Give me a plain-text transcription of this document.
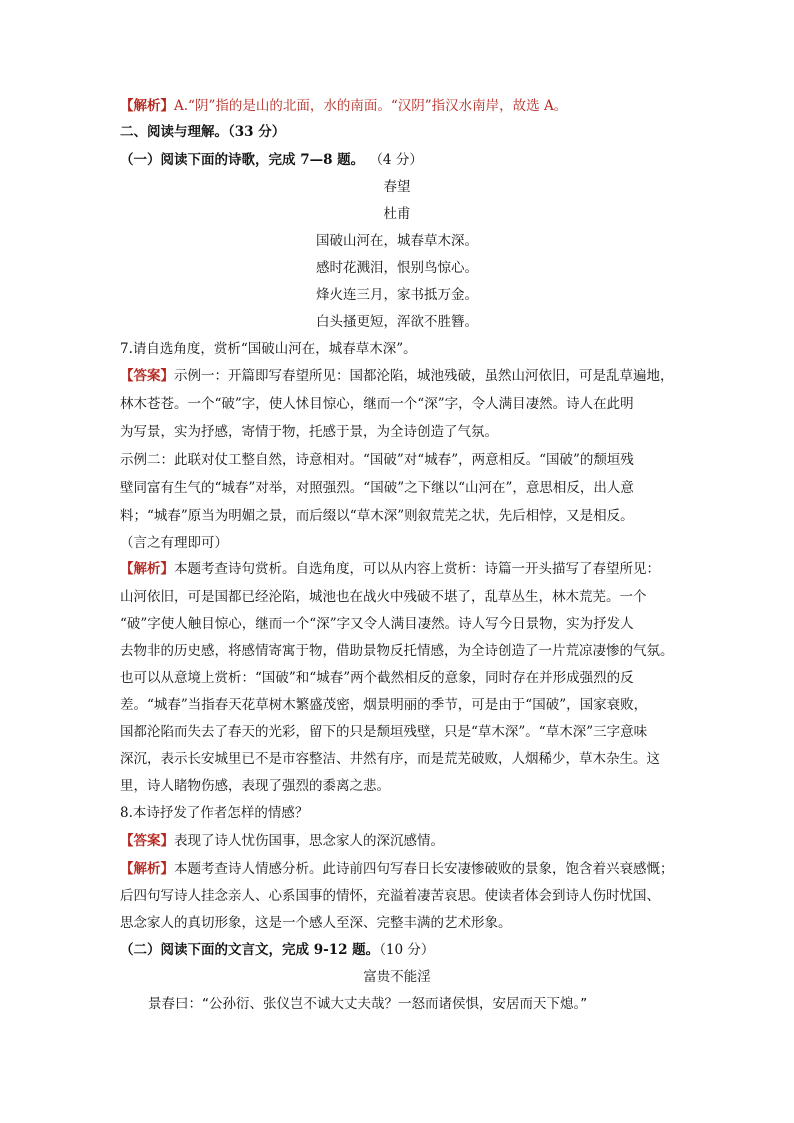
【解析】A.“阴”指的是山的北面，水的南面。“汉阴”指汉水南岸，故选 A。
二、阅读与理解。（33 分）
（一）阅读下面的诗歌，完成 7—8 题。 （4 分）
春望
杜甫
国破山河在，城春草木深。
感时花溅泪，恨别鸟惊心。
烽火连三月，家书抵万金。
白头搔更短，浑欲不胜簪。
7.请自选角度，赏析“国破山河在，城春草木深”。
【答案】示例一：开篇即写春望所见：国都沦陷，城池残破，虽然山河依旧，可是乱草遍地，
林木苍苍。一个“破”字，使人怵目惊心，继而一个“深”字，令人满目凄然。诗人在此明
为写景，实为抒感，寄情于物，托感于景，为全诗创造了气氛。
示例二：此联对仗工整自然，诗意相对。“国破”对“城春”，两意相反。“国破”的颓垣残
壁同富有生气的“城春”对举，对照强烈。“国破”之下继以“山河在”，意思相反，出人意
料；“城春”原当为明媚之景，而后缀以“草木深”则叙荒芜之状，先后相悖，又是相反。
（言之有理即可）
【解析】本题考查诗句赏析。自选角度，可以从内容上赏析：诗篇一开头描写了春望所见：
山河依旧，可是国都已经沦陷，城池也在战火中残破不堪了，乱草丛生，林木荒芜。一个
“破”字使人触目惊心，继而一个“深”字又令人满目凄然。诗人写今日景物，实为抒发人
去物非的历史感，将感情寄寓于物，借助景物反托情感，为全诗创造了一片荒凉凄惨的气氛。
也可以从意境上赏析：“国破”和“城春”两个截然相反的意象，同时存在并形成强烈的反
差。“城春”当指春天花草树木繁盛茂密，烟景明丽的季节，可是由于“国破”，国家衰败，
国都沦陷而失去了春天的光彩，留下的只是颓垣残壁，只是“草木深”。“草木深”三字意味
深沉，表示长安城里已不是市容整洁、井然有序，而是荒芜破败，人烟稀少，草木杂生。这
里，诗人睹物伤感，表现了强烈的黍离之悲。
8.本诗抒发了作者怎样的情感？
【答案】表现了诗人忧伤国事，思念家人的深沉感情。
【解析】本题考查诗人情感分析。此诗前四句写春日长安凄惨破败的景象，饱含着兴衰感慨；
后四句写诗人挂念亲人、心系国事的情怀，充溢着凄苦哀思。使读者体会到诗人伤时忧国、
思念家人的真切形象，这是一个感人至深、完整丰满的艺术形象。
（二）阅读下面的文言文，完成 9-12 题。（10 分）
富贵不能淫
景春曰：“公孙衍、张仪岂不诚大丈夫哉？一怒而诸侯惧，安居而天下熄。”
